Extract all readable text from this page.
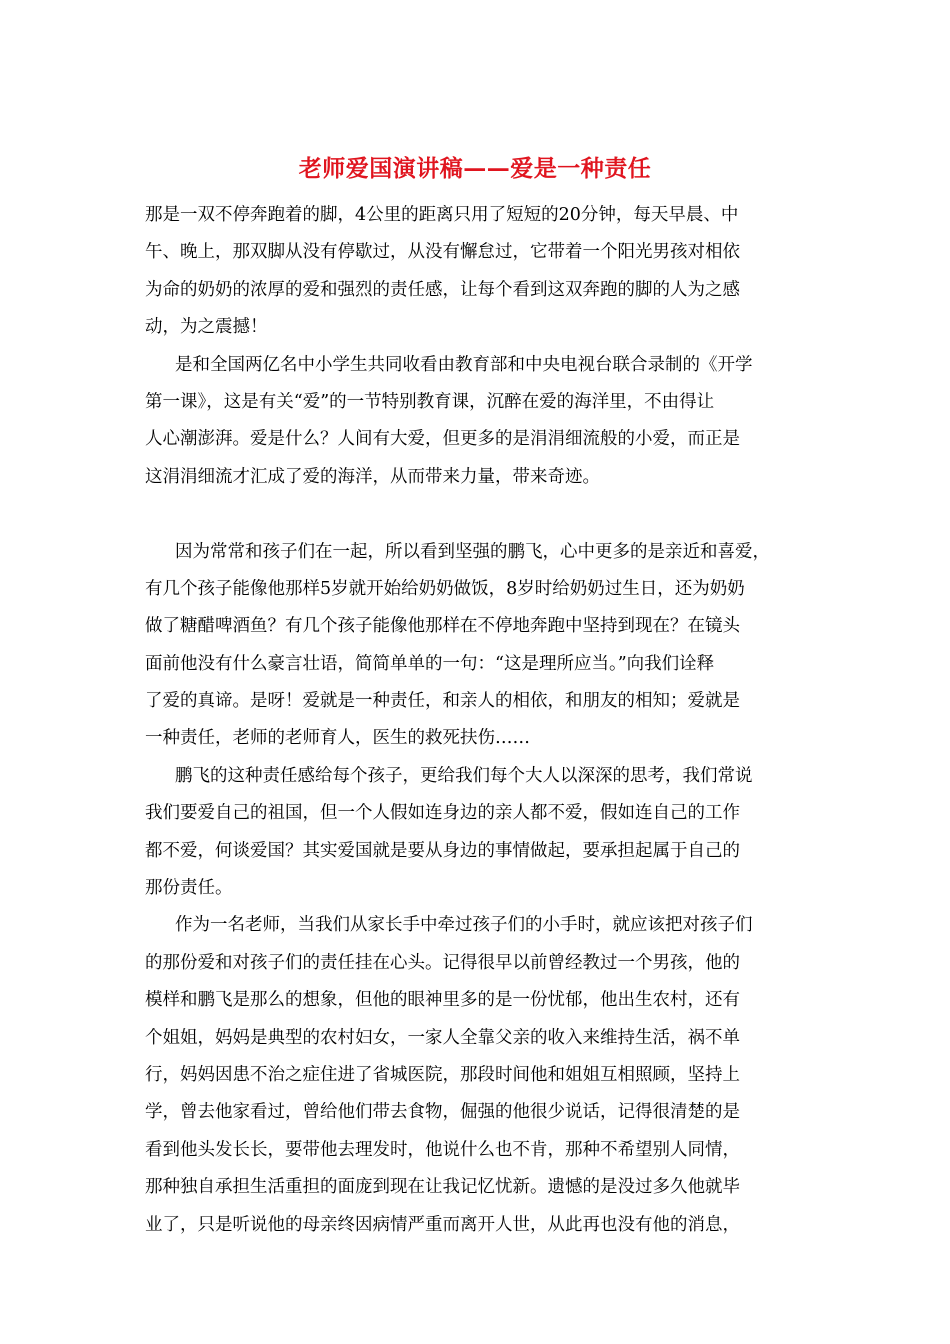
老师爱国演讲稿——爱是一种责任
那是一双不停奔跑着的脚，4公里的距离只用了短短的20分钟，每天早晨、中
午、晚上，那双脚从没有停歇过，从没有懈怠过，它带着一个阳光男孩对相依
为命的奶奶的浓厚的爱和强烈的责任感，让每个看到这双奔跑的脚的人为之感
动，为之震撼！
是和全国两亿名中小学生共同收看由教育部和中央电视台联合录制的《开学
第一课》，这是有关“爱”的一节特别教育课，沉醉在爱的海洋里，不由得让
人心潮澎湃。爱是什么？人间有大爱，但更多的是涓涓细流般的小爱，而正是
这涓涓细流才汇成了爱的海洋，从而带来力量，带来奇迹。
因为常常和孩子们在一起，所以看到坚强的鹏飞，心中更多的是亲近和喜爱，
有几个孩子能像他那样5岁就开始给奶奶做饭，8岁时给奶奶过生日，还为奶奶
做了糖醋啤酒鱼？有几个孩子能像他那样在不停地奔跑中坚持到现在？在镜头
面前他没有什么豪言壮语，简简单单的一句：“这是理所应当。”向我们诠释
了爱的真谛。是呀！爱就是一种责任，和亲人的相依，和朋友的相知；爱就是
一种责任，老师的老师育人，医生的救死扶伤……
鹏飞的这种责任感给每个孩子，更给我们每个大人以深深的思考，我们常说
我们要爱自己的祖国，但一个人假如连身边的亲人都不爱，假如连自己的工作
都不爱，何谈爱国？其实爱国就是要从身边的事情做起，要承担起属于自己的
那份责任。
作为一名老师，当我们从家长手中牵过孩子们的小手时，就应该把对孩子们
的那份爱和对孩子们的责任挂在心头。记得很早以前曾经教过一个男孩，他的
模样和鹏飞是那么的想象，但他的眼神里多的是一份忧郁，他出生农村，还有
个姐姐，妈妈是典型的农村妇女，一家人全靠父亲的收入来维持生活，祸不单
行，妈妈因患不治之症住进了省城医院，那段时间他和姐姐互相照顾，坚持上
学，曾去他家看过，曾给他们带去食物，倔强的他很少说话，记得很清楚的是
看到他头发长长，要带他去理发时，他说什么也不肯，那种不希望别人同情，
那种独自承担生活重担的面庞到现在让我记忆忧新。遗憾的是没过多久他就毕
业了，只是听说他的母亲终因病情严重而离开人世，从此再也没有他的消息，
